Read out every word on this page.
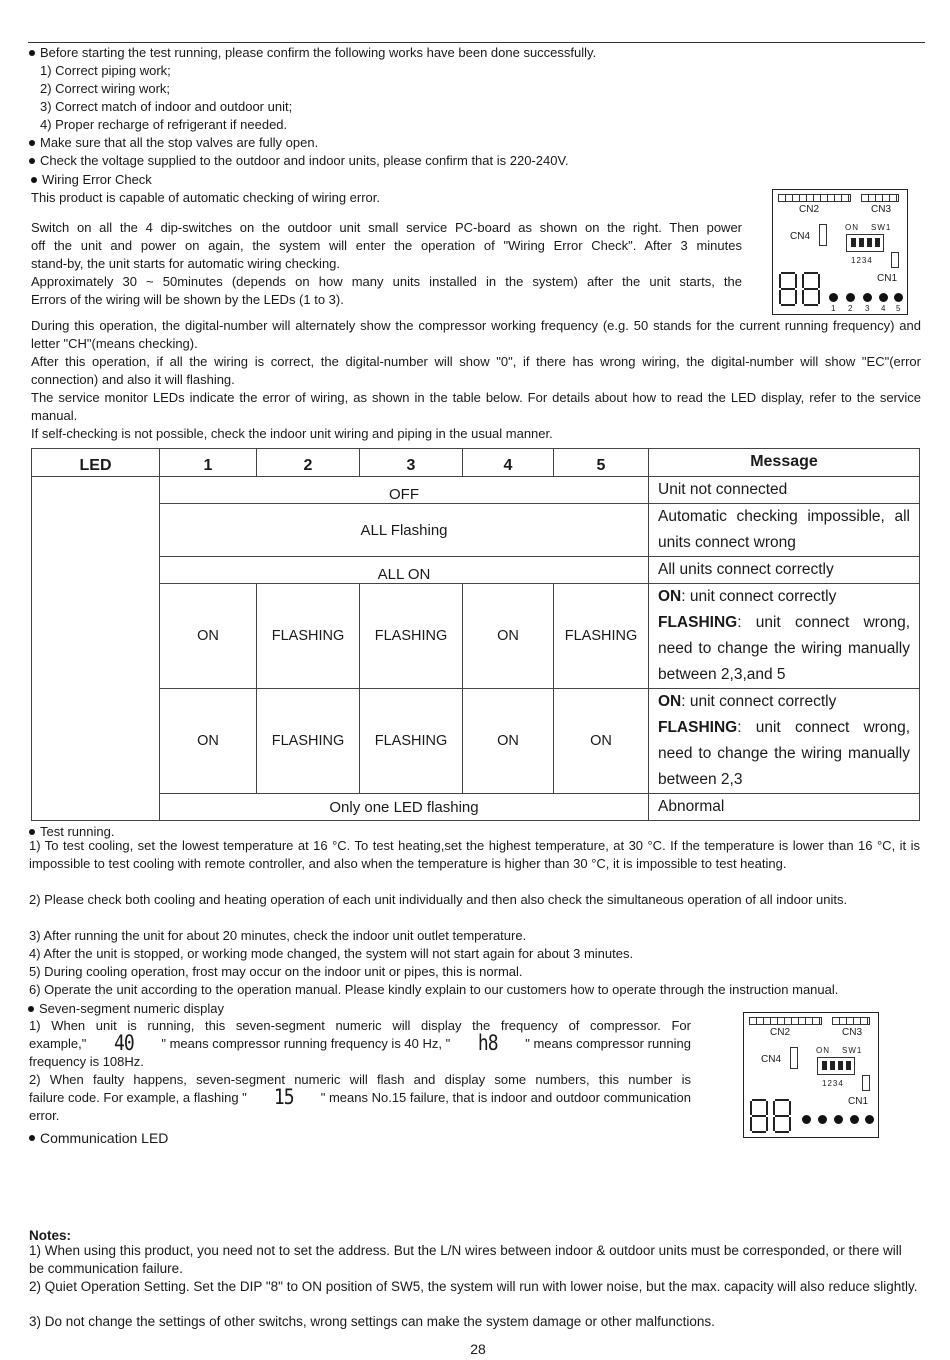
Before starting the test running, please confirm the following works have been done successfully.
1) Correct piping work;
2) Correct wiring work;
3) Correct match of indoor and outdoor unit;
4) Proper recharge of refrigerant if needed.
Make sure that all the stop valves are fully open.
Check the voltage supplied to the outdoor and indoor units, please confirm that is 220-240V.
Wiring Error Check
This product is capable of automatic checking of wiring error.
Switch on all the 4 dip-switches on the outdoor unit small service PC-board as shown on the right. Then power
off the unit and power on again, the system will enter the operation of "Wiring Error Check". After 3 minutes
stand-by, the unit starts for automatic wiring checking.
Approximately 30 ~ 50minutes (depends on how many units installed in the system) after the unit starts, the
Errors of the wiring will be shown by the LEDs (1 to 3).
During this operation, the digital-number will alternately show the compressor working frequency (e.g. 50 stands for the current running frequency) and letter "CH"(means checking).
After this operation, if all the wiring is correct, the digital-number will show "0", if there has wrong wiring, the digital-number will show "EC"(error connection) and also it will flashing.
The service monitor LEDs indicate the error of wiring, as shown in the table below. For details about how to read the LED display, refer to the service manual.
If self-checking is not possible, check the indoor unit wiring and piping in the usual manner.
CN2	CN3
CN4
ON SW1
1234
CN1
1 2 3 4 5
LED	1	2	3	4	5	Message
	OFF					Unit not connected
	ALL Flashing					Automatic checking impossible, all units connect wrong
	ALL ON					All units connect correctly
	ON	FLASHING	FLASHING	ON	FLASHING	ON: unit connect correctly
FLASHING: unit connect wrong, need to change the wiring manually between 2,3,and 5

	ON	FLASHING	FLASHING	ON	ON	ON: unit connect correctly
FLASHING: unit connect wrong, need to change the wiring manually between 2,3

	Only one LED flashing					Abnormal
Test running.
1) To test cooling, set the lowest temperature at 16 °C. To test heating,set the highest temperature, at 30 °C. If the temperature is lower than 16 °C, it is impossible to test cooling with remote controller, and also when the temperature is higher than 30 °C, it is impossible to test heating.
2) Please check both cooling and heating operation of each unit individually and then also check the simultaneous operation of all indoor units.
3) After running the unit for about 20 minutes, check the indoor unit outlet temperature.
4) After the unit is stopped, or working mode changed, the system will not start again for about 3 minutes.
5) During cooling operation, frost may occur on the indoor unit or pipes, this is normal.
6) Operate the unit according to the operation manual. Please kindly explain to our customers how to operate through the instruction manual.
Seven-segment numeric display
1) When unit is running, this seven-segment numeric will display the frequency of compressor. For
example," 40 " means compressor running frequency is 40 Hz, " h8 " means compressor running
frequency is 108Hz.
2) When faulty happens, seven-segment numeric will flash and display some numbers, this number is
failure code. For example, a flashing " 15 " means No.15 failure, that is indoor and outdoor communication
error.
CN2	CN3
CN4
ON SW1
1234
CN1
Communication LED
Notes:
1) When using this product, you need not to set the address. But the L/N wires between indoor & outdoor units must be corresponded, or there will be communication failure.
2) Quiet Operation Setting. Set the DIP "8" to ON position of SW5, the system will run with lower noise, but the max. capacity will also reduce slightly.
3) Do not change the settings of other switchs, wrong settings can make the system damage or other malfunctions.
28
